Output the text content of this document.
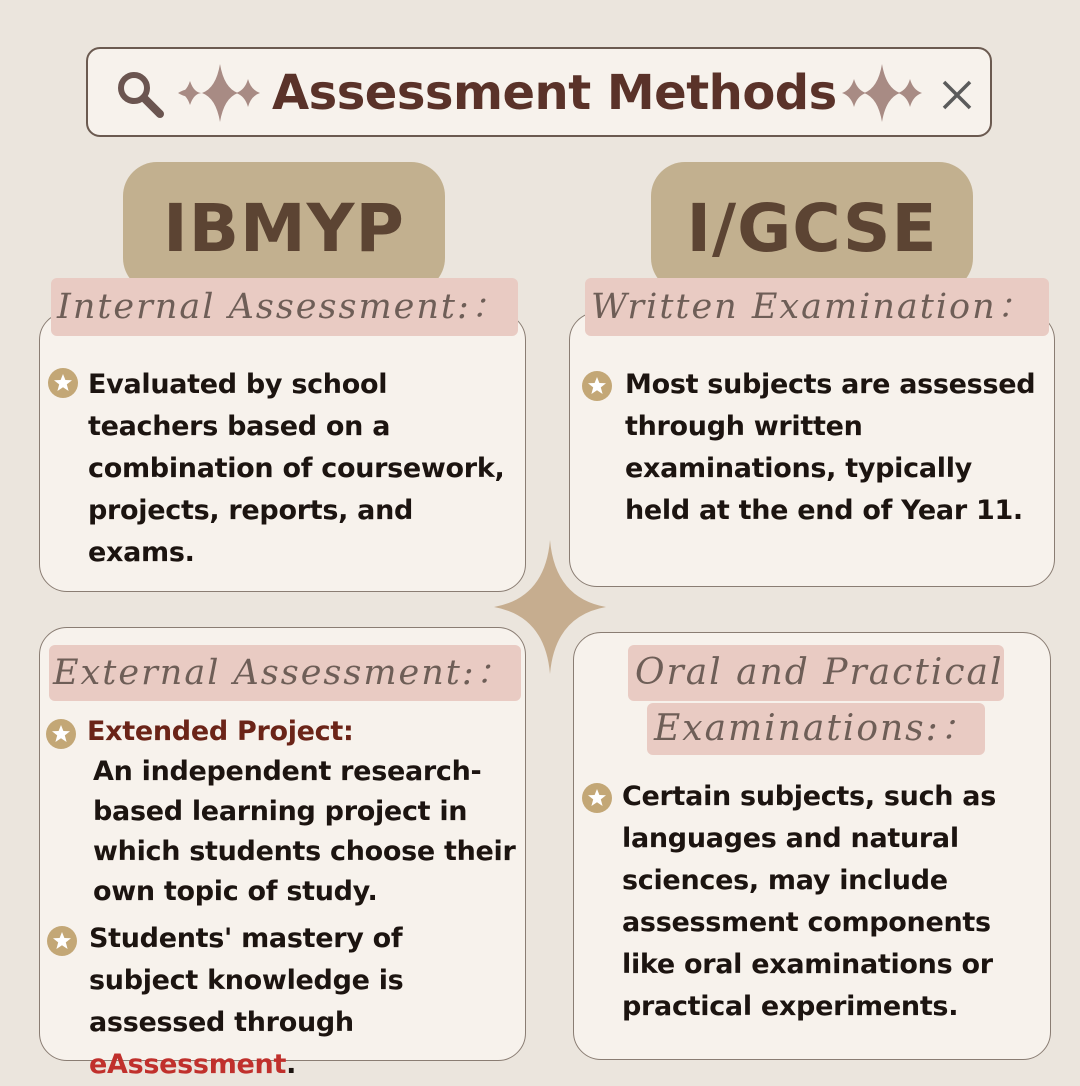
Assessment Methods
IBMYP	I/GCSE
Internal Assessment:： Written Examination：
External Assessment:：	Oral and Practical
Examinations:：
Evaluated by school teachers based on a combination of coursework, projects, reports, and exams.
Most subjects are assessed through written examinations, typically held at the end of Year 11.
Extended Project:
An independent research-based learning project in which students choose their own topic of study.
Students' mastery of subject knowledge is assessed through eAssessment.
Certain subjects, such as languages and natural sciences, may include assessment components like oral examinations or practical experiments.
